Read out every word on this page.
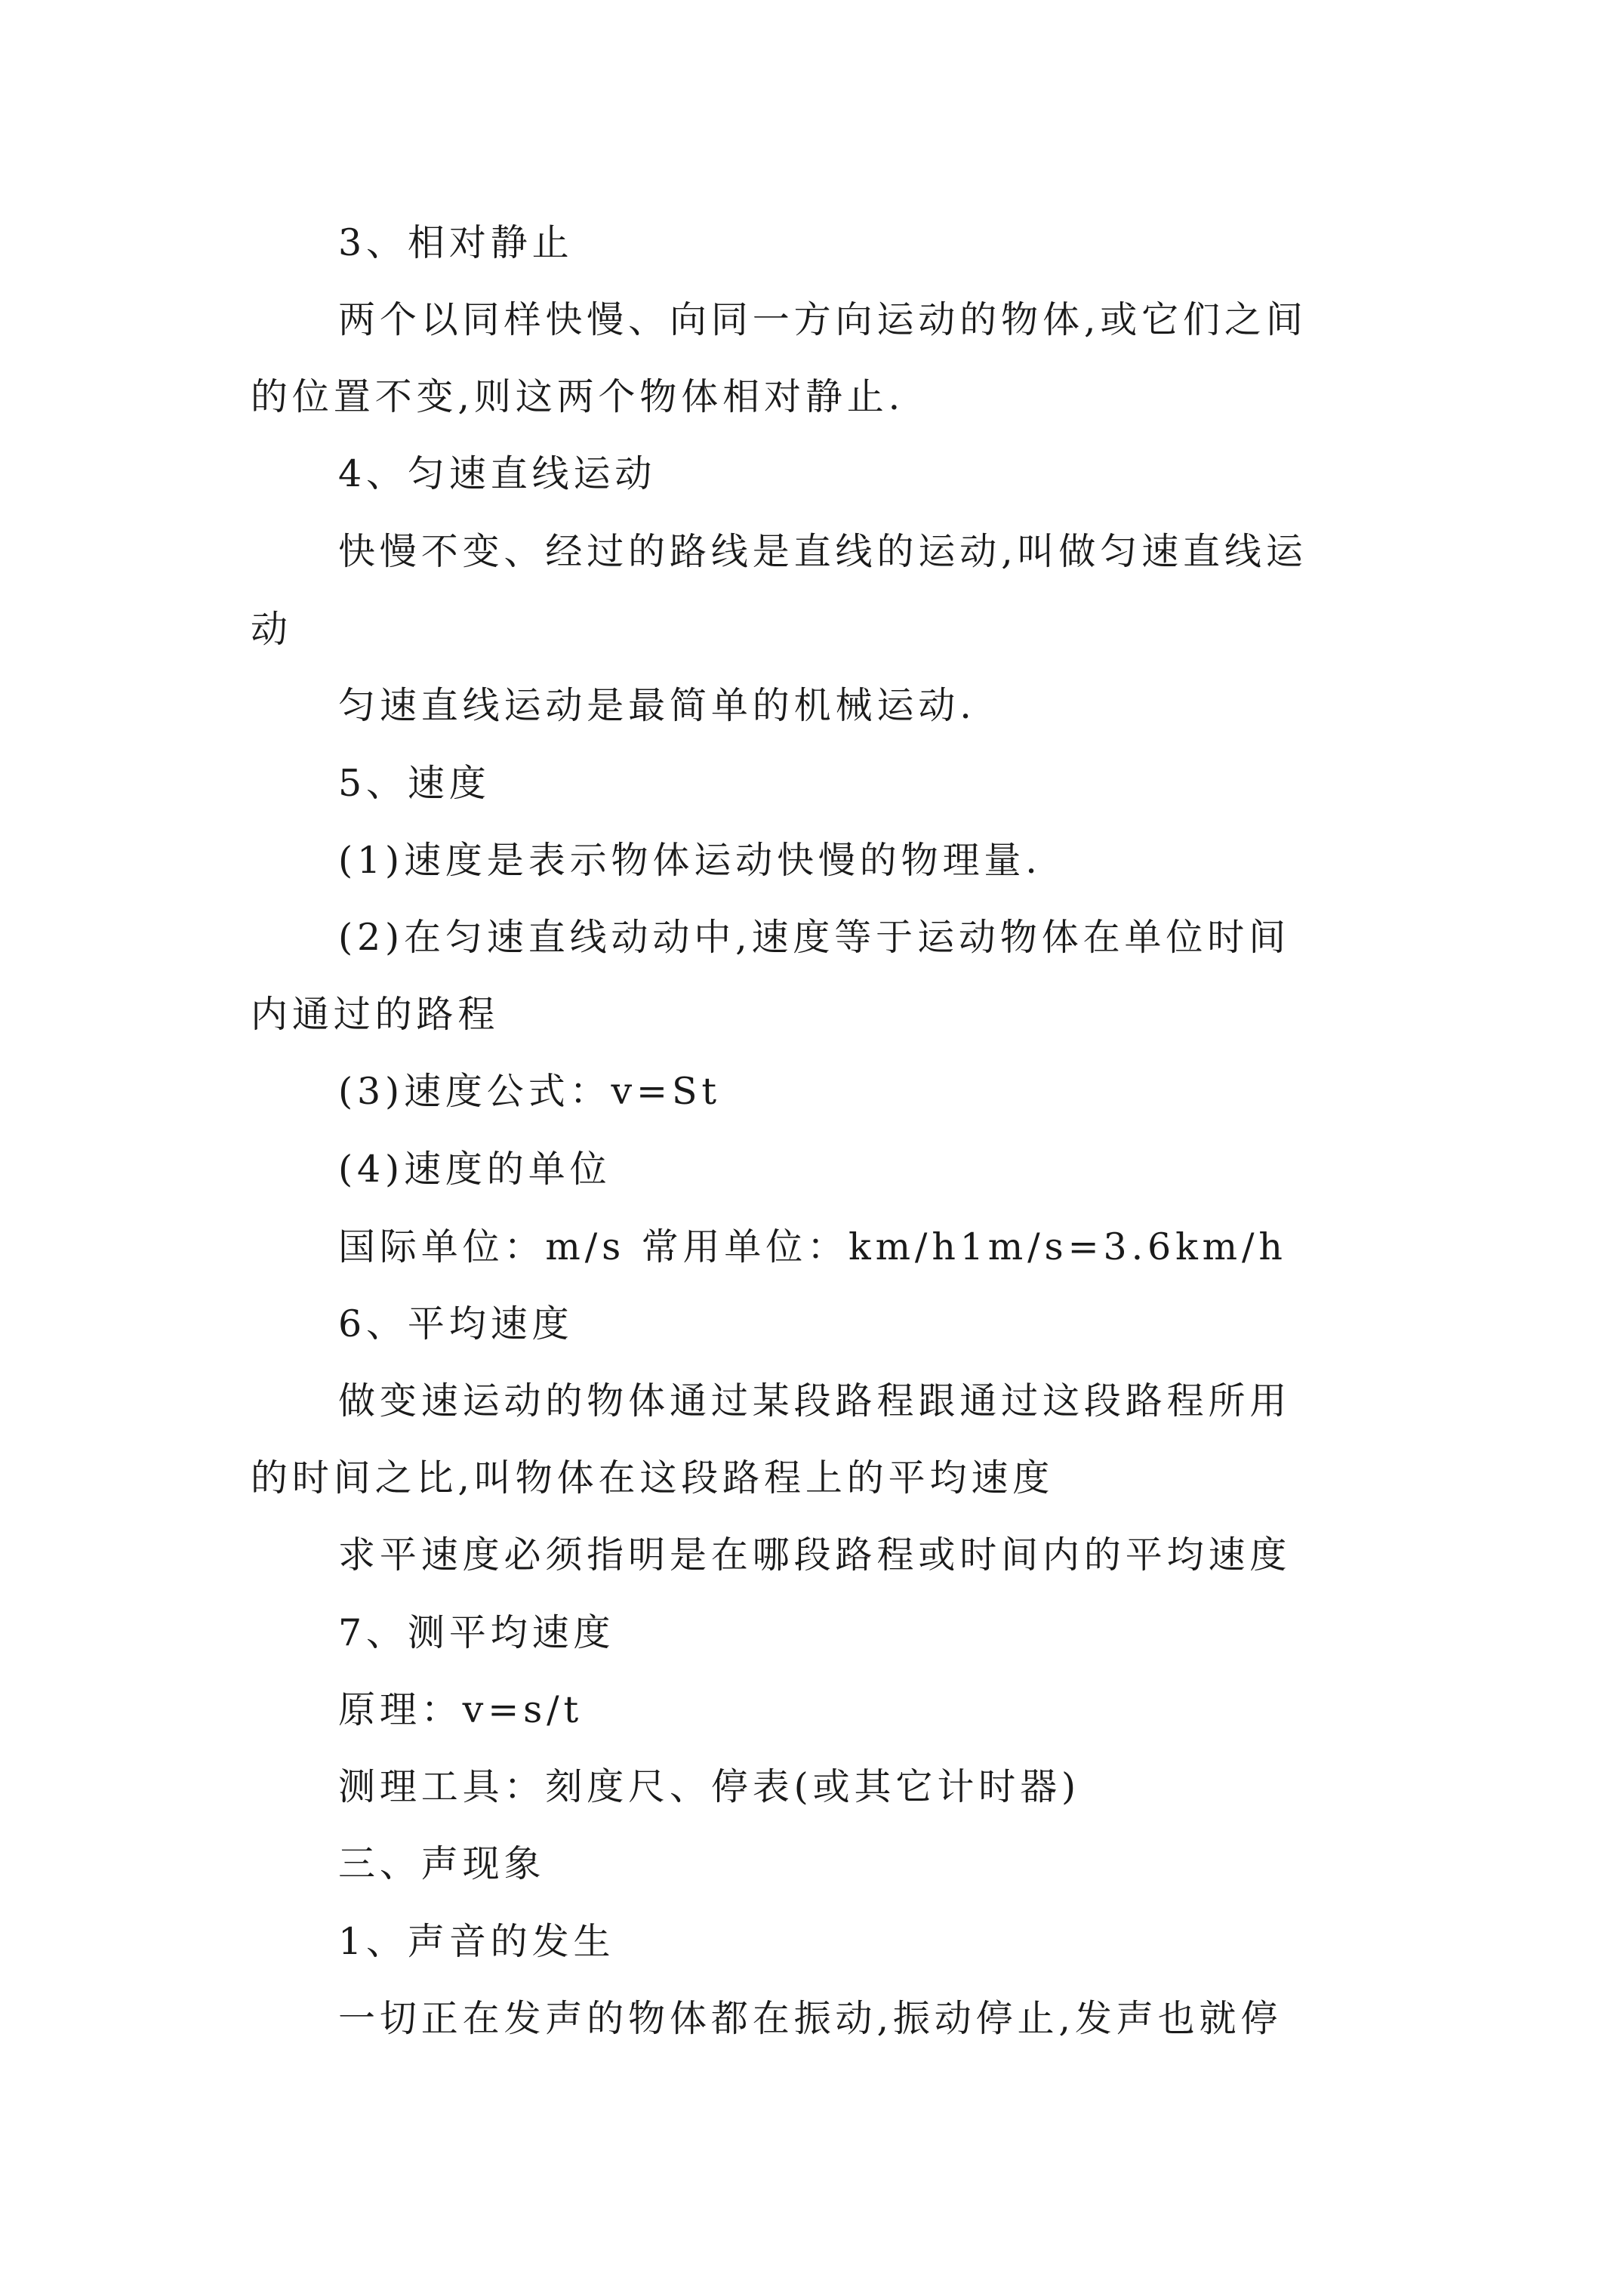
3、相对静止
两个以同样快慢、向同一方向运动的物体,或它们之间
的位置不变,则这两个物体相对静止.
4、匀速直线运动
快慢不变、经过的路线是直线的运动,叫做匀速直线运
动
匀速直线运动是最简单的机械运动.
5、速度
(1)速度是表示物体运动快慢的物理量.
(2)在匀速直线动动中,速度等于运动物体在单位时间
内通过的路程
(3)速度公式：v=St
(4)速度的单位
国际单位：m/s 常用单位：km/h1m/s=3.6km/h
6、平均速度
做变速运动的物体通过某段路程跟通过这段路程所用
的时间之比,叫物体在这段路程上的平均速度
求平速度必须指明是在哪段路程或时间内的平均速度
7、测平均速度
原理：v=s/t
测理工具：刻度尺、停表(或其它计时器)
三、声现象
1、声音的发生
一切正在发声的物体都在振动,振动停止,发声也就停
